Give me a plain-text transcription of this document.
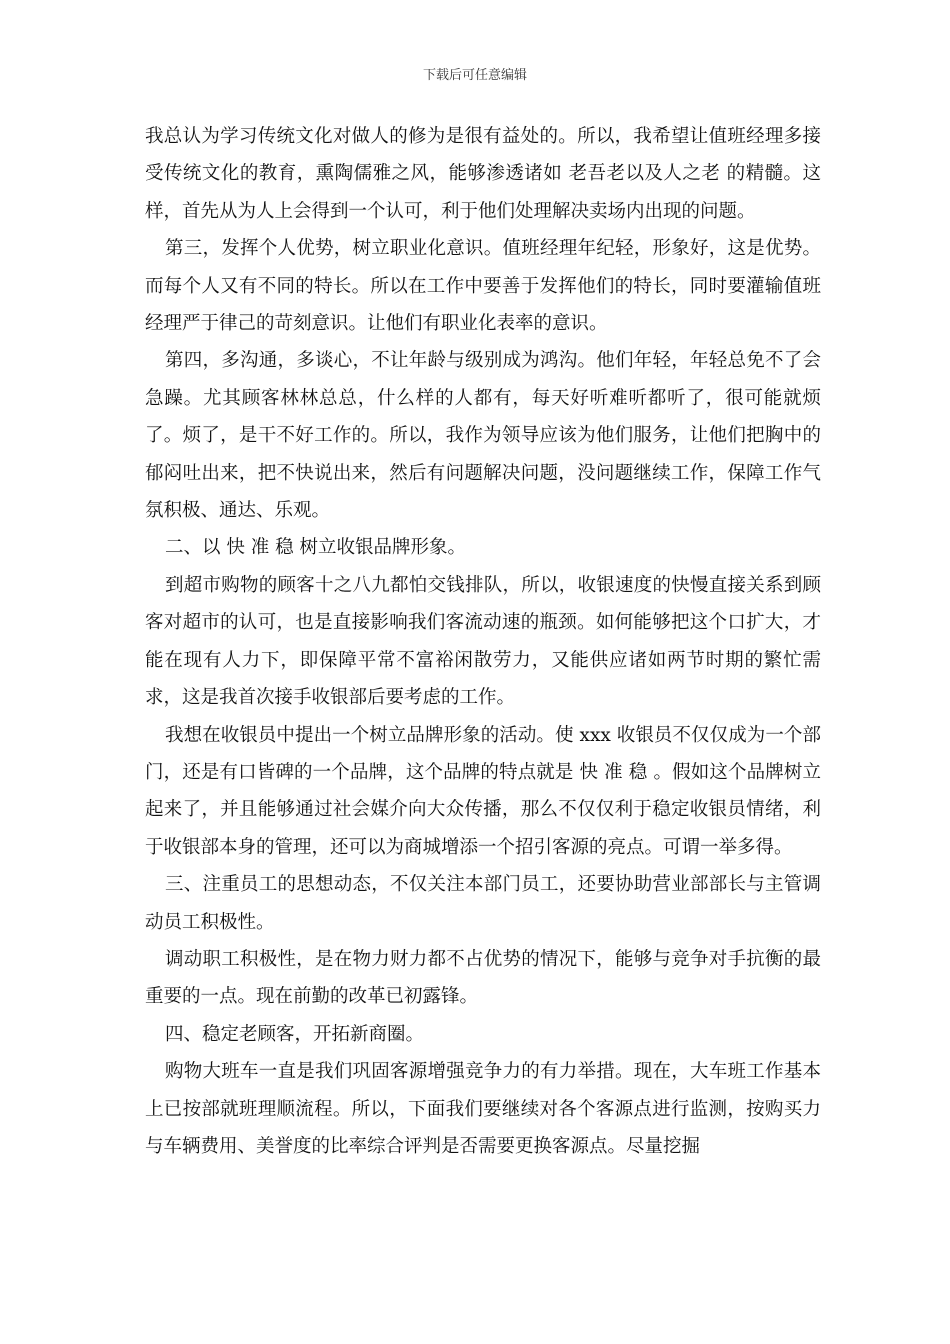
下载后可任意编辑

我总认为学习传统文化对做人的修为是很有益处的。所以，我希望让值班经理多接受传统文化的教育，熏陶儒雅之风，能够渗透诸如 老吾老以及人之老 的精髓。这样，首先从为人上会得到一个认可，利于他们处理解决卖场内出现的问题。

第三，发挥个人优势，树立职业化意识。值班经理年纪轻，形象好，这是优势。而每个人又有不同的特长。所以在工作中要善于发挥他们的特长，同时要灌输值班经理严于律己的苛刻意识。让他们有职业化表率的意识。

第四，多沟通，多谈心，不让年龄与级别成为鸿沟。他们年轻，年轻总免不了会急躁。尤其顾客林林总总，什么样的人都有，每天好听难听都听了，很可能就烦了。烦了，是干不好工作的。所以，我作为领导应该为他们服务，让他们把胸中的郁闷吐出来，把不快说出来，然后有问题解决问题，没问题继续工作，保障工作气氛积极、通达、乐观。

二、以 快 准 稳 树立收银品牌形象。

到超市购物的顾客十之八九都怕交钱排队，所以，收银速度的快慢直接关系到顾客对超市的认可，也是直接影响我们客流动速的瓶颈。如何能够把这个口扩大，才能在现有人力下，即保障平常不富裕闲散劳力，又能供应诸如两节时期的繁忙需求，这是我首次接手收银部后要考虑的工作。

我想在收银员中提出一个树立品牌形象的活动。使 xxx 收银员不仅仅成为一个部门，还是有口皆碑的一个品牌，这个品牌的特点就是 快 准 稳 。假如这个品牌树立起来了，并且能够通过社会媒介向大众传播，那么不仅仅利于稳定收银员情绪，利于收银部本身的管理，还可以为商城增添一个招引客源的亮点。可谓一举多得。

三、注重员工的思想动态，不仅关注本部门员工，还要协助营业部部长与主管调动员工积极性。

调动职工积极性，是在物力财力都不占优势的情况下，能够与竞争对手抗衡的最重要的一点。现在前勤的改革已初露锋。

四、稳定老顾客，开拓新商圈。

购物大班车一直是我们巩固客源增强竞争力的有力举措。现在，大车班工作基本上已按部就班理顺流程。所以，下面我们要继续对各个客源点进行监测，按购买力与车辆费用、美誉度的比率综合评判是否需要更换客源点。尽量挖掘
